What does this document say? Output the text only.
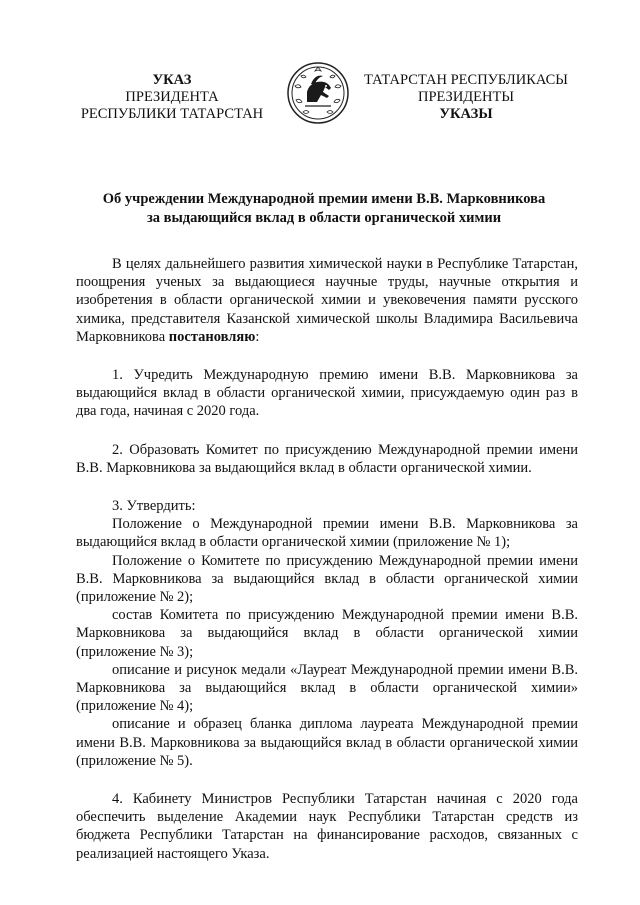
УКАЗ
ПРЕЗИДЕНТА
РЕСПУБЛИКИ ТАТАРСТАН
ТАТАРСТАН РЕСПУБЛИКАСЫ
ПРЕЗИДЕНТЫ
УКАЗЫ
Об учреждении Международной премии имени В.В. Марковникова
за выдающийся вклад в области органической химии

В целях дальнейшего развития химической науки в Республике Татарстан, поощрения ученых за выдающиеся научные труды, научные открытия и изобретения в области органической химии и увековечения памяти русского химика, представителя Казанской химической школы Владимира Васильевича Марковникова постановляю:

1. Учредить Международную премию имени В.В. Марковникова за выдающийся вклад в области органической химии, присуждаемую один раз в два года, начиная с 2020 года.

2. Образовать Комитет по присуждению Международной премии имени В.В. Марковникова за выдающийся вклад в области органической химии.

3. Утвердить:

Положение о Международной премии имени В.В. Марковникова за выдающийся вклад в области органической химии (приложение № 1);

Положение о Комитете по присуждению Международной премии имени В.В. Марковникова за выдающийся вклад в области органической химии (приложение № 2);

состав Комитета по присуждению Международной премии имени В.В. Марковникова за выдающийся вклад в области органической химии (приложение № 3);

описание и рисунок медали «Лауреат Международной премии имени В.В. Марковникова за выдающийся вклад в области органической химии» (приложение № 4);

описание и образец бланка диплома лауреата Международной премии имени В.В. Марковникова за выдающийся вклад в области органической химии (приложение № 5).

4. Кабинету Министров Республики Татарстан начиная с 2020 года обеспечить выделение Академии наук Республики Татарстан средств из бюджета Республики Татарстан на финансирование расходов, связанных с реализацией настоящего Указа.
